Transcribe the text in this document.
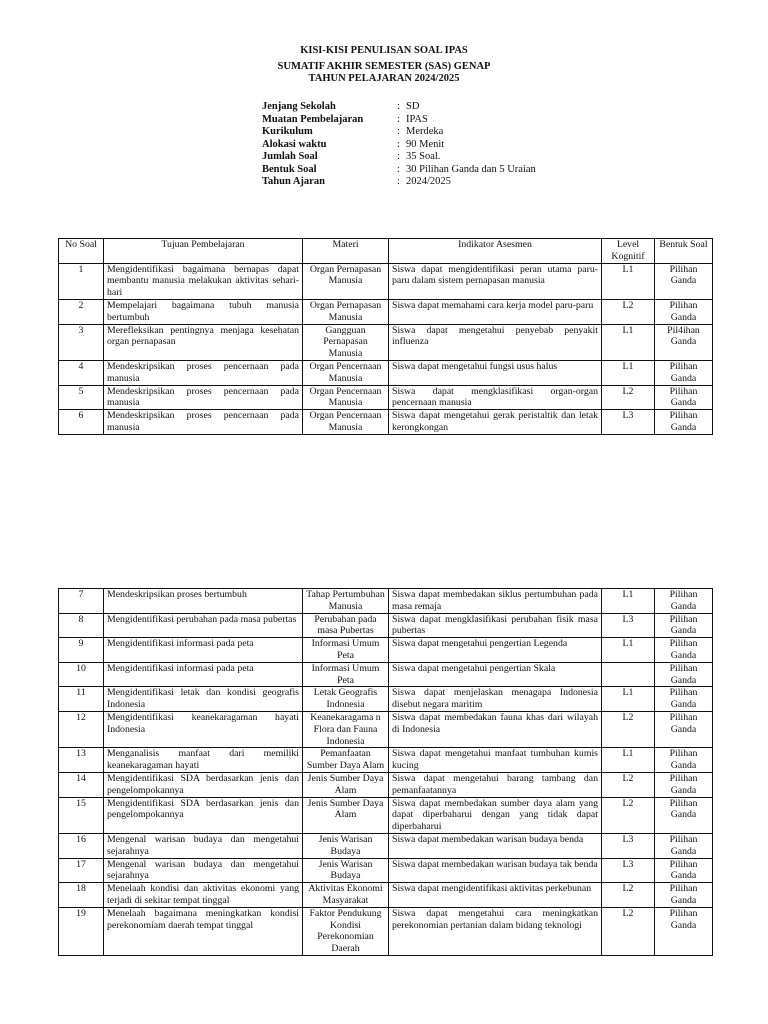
KISI-KISI PENULISAN SOAL IPAS
SUMATIF AKHIR SEMESTER (SAS) GENAP
TAHUN PELAJARAN 2024/2025
Jenjang Sekolah	: SD
Muatan Pembelajaran	: IPAS
Kurikulum	: Merdeka
Alokasi waktu	: 90 Menit
Jumlah Soal	: 35 Soal.
Bentuk Soal	: 30 Pilihan Ganda dan 5 Uraian
Tahun Ajaran	: 2024/2025
No Soal	Tujuan Pembelajaran	Materi	Indikator Asesmen	Level Kognitif	Bentuk Soal
1	Mengidentifikasi bagaimana bernapas dapat membantu manusia melakukan aktivitas sehari-hari	Organ Pernapasan Manusia	Siswa dapat mengidentifikasi peran utama paru-paru dalam sistem pernapasan manusia	L1	Pilihan Ganda
2	Mempelajari bagaimana tubuh manusia bertumbuh	Organ Pernapasan Manusia	Siswa dapat memahami cara kerja model paru-paru	L2	Pilihan Ganda
3	Merefleksikan pentingnya menjaga kesehatan organ pernapasan	Gangguan Pernapasan Manusia	Siswa dapat mengetahui penyebab penyakit influenza	L1	Pil4ihan Ganda
4	Mendeskripsikan proses pencernaan pada manusia	Organ Pencernaan Manusia	Siswa dapat mengetahui fungsi usus halus	L1	Pilihan Ganda
5	Mendeskripsikan proses pencernaan pada manusia	Organ Pencernaan Manusia	Siswa dapat mengklasifikasi organ-organ pencernaan manusia	L2	Pilihan Ganda
6	Mendeskripsikan proses pencernaan pada manusia	Organ Pencernaan Manusia	Siswa dapat mengetahui gerak peristaltik dan letak kerongkongan	L3	Pilihan Ganda
7	Mendeskripsikan proses bertumbuh	Tahap Pertumbuhan Manusia	Siswa dapat membedakan siklus pertumbuhan pada masa remaja	L1	Pilihan Ganda
8	Mengidentifikasi perubahan pada masa pubertas	Perubahan pada masa Pubertas	Siswa dapat mengklasifikasi perubahan fisik masa pubertas	L3	Pilihan Ganda
9	Mengidentifikasi informasi pada peta	Informasi Umum Peta	Siswa dapat mengetahui pengertian Legenda	L1	Pilihan Ganda
10	Mengidentifikasi informasi pada peta	Informasi Umum Peta	Siswa dapat mengetahui pengertian Skala		Pilihan Ganda
11	Mengidentifikasi letak dan kondisi geografis Indonesia	Letak Geografis Indonesia	Siswa dapat menjelaskan menagapa Indonesia disebut negara maritim	L1	Pilihan Ganda
12	Mengidentifikasi keanekaragaman hayati Indonesia	Keanekaragama n Flora dan Fauna Indonesia	Siswa dapat membedakan fauna khas dari wilayah di Indonesia	L2	Pilihan Ganda
13	Menganalisis manfaat dari memiliki keanekaragaman hayati	Pemanfaatan Sumber Daya Alam	Siswa dapat mengetahui manfaat tumbuhan kumis kucing	L1	Pilihan Ganda
14	Mengidentifikasi SDA berdasarkan jenis dan pengelompokannya	Jenis Sumber Daya Alam	Siswa dapat mengetahui barang tambang dan pemanfaatannya	L2	Pilihan Ganda
15	Mengidentifikasi SDA berdasarkan jenis dan pengelompokannya	Jenis Sumber Daya Alam	Siswa dapat membedakan sumber daya alam yang dapat diperbaharui dengan yang tidak dapat diperbaharui	L2	Pilihan Ganda
16	Mengenal warisan budaya dan mengetahui sejarahnya	Jenis Warisan Budaya	Siswa dapat membedakan warisan budaya benda	L3	Pilihan Ganda
17	Mengenal warisan budaya dan mengetahui sejarahnya	Jenis Warisan Budaya	Siswa dapat membedakan warisan budaya tak benda	L3	Pilihan Ganda
18	Menelaah kondisi dan aktivitas ekonomi yang terjadi di sekitar tempat tinggal	Aktivitas Ekonomi Masyarakat	Siswa dapat mengidentifikasi aktivitas perkebunan	L2	Pilihan Ganda
19	Menelaah bagaimana meningkatkan kondisi perekonomiam daerah tempat tinggal	Faktor Pendukung Kondisi Perekonomian Daerah	Siswa dapat mengetahui cara meningkatkan perekonomian pertanian dalam bidang teknologi	L2	Pilihan Ganda
